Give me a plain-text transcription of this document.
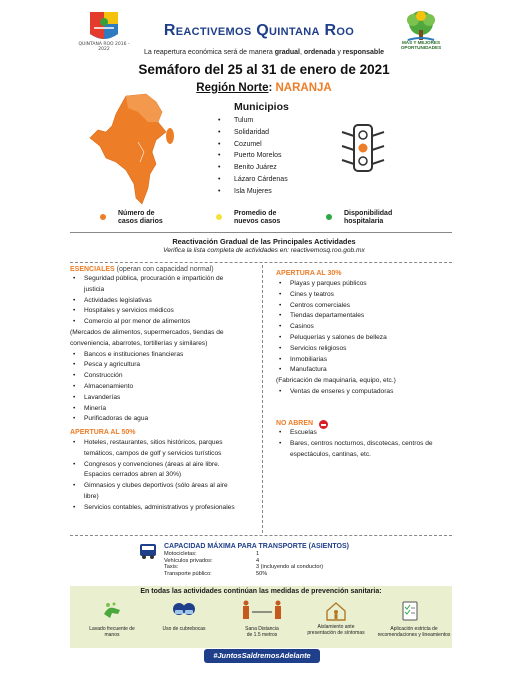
QUINTANA ROO 2016 - 2022
Reactivemos Quintana Roo
MÁS Y MEJORES OPORTUNIDADES
La reapertura económica será de manera gradual, ordenada y responsable
Semáforo del 25 al 31 de enero de 2021
Región Norte: NARANJA
Municipios
• Tulum
• Solidaridad
• Cozumel
• Puerto Morelos
• Benito Juárez
• Lázaro Cárdenas
• Isla Mujeres
Número de
casos diarios
Promedio de
nuevos casos
Disponibilidad
hospitalaria
Reactivación Gradual de las Principales Actividades
Verifica la lista completa de actividades en: reactivemosq.roo.gob.mx
ESENCIALES (operan con capacidad normal)
• Seguridad pública, procuración e impartición de
justicia
• Actividades legislativas
• Hospitales y servicios médicos
• Comercio al por menor de alimentos
(Mercados de alimentos, supermercados, tiendas de
conveniencia, abarrotes, tortillerías y similares)
• Bancos e instituciones financieras
• Pesca y agricultura
• Construcción
• Almacenamiento
• Lavanderías
• Minería
• Purificadoras de agua
APERTURA AL 50%
• Hoteles, restaurantes, sitios históricos, parques
temáticos, campos de golf y servicios turísticos
• Congresos y convenciones (áreas al aire libre.
Espacios cerrados abren al 30%)
• Gimnasios y clubes deportivos (sólo áreas al aire
libre)
• Servicios contables, administrativos y profesionales
APERTURA AL 30%
• Playas y parques públicos
• Cines y teatros
• Centros comerciales
• Tiendas departamentales
• Casinos
• Peluquerías y salones de belleza
• Servicios religiosos
• Inmobiliarias
• Manufactura
(Fabricación de maquinaria, equipo, etc.)
• Ventas de enseres y computadoras
NO ABREN
• Escuelas
• Bares, centros nocturnos, discotecas, centros de
espectáculos, cantinas, etc.
CAPACIDAD MÁXIMA PARA TRANSPORTE (ASIENTOS)
Motocicletas:	1
Vehículos privados:	4
Taxis:	3 (incluyendo al conductor)
Transporte público:	50%
En todas las actividades continúan las medidas de prevención sanitaria:
Lavado frecuente de
manos
Uso de cubrebocas	Sana Distancia
de 1.5 metros
Aislamiento ante
presentación de síntomas
Aplicación estricta de
recomendaciones y lineamientos
#JuntosSaldremosAdelante
